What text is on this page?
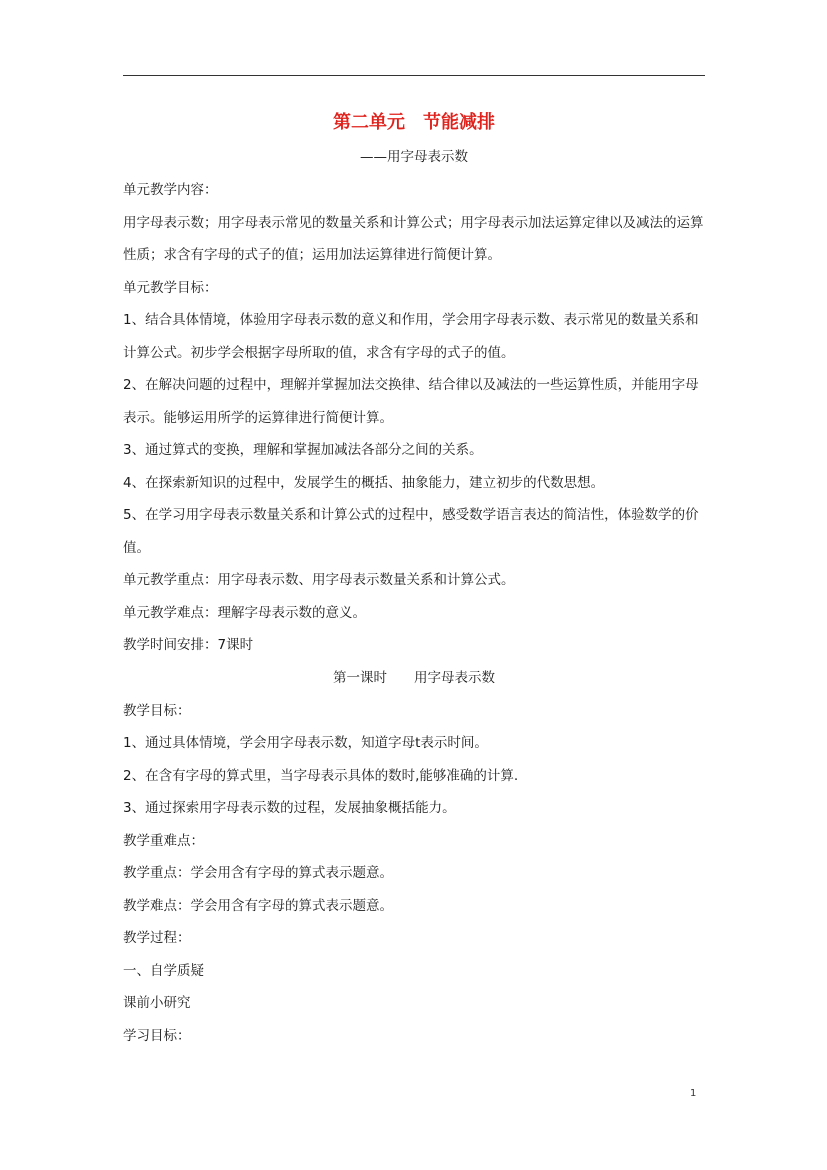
第二单元　节能减排
——用字母表示数

单元教学内容：

用字母表示数；用字母表示常见的数量关系和计算公式；用字母表示加法运算定律以及减法的运算性质；求含有字母的式子的值；运用加法运算律进行简便计算。

单元教学目标：

1、结合具体情境，体验用字母表示数的意义和作用，学会用字母表示数、表示常见的数量关系和计算公式。初步学会根据字母所取的值，求含有字母的式子的值。

2、在解决问题的过程中，理解并掌握加法交换律、结合律以及减法的一些运算性质，并能用字母表示。能够运用所学的运算律进行简便计算。

3、通过算式的变换，理解和掌握加减法各部分之间的关系。

4、在探索新知识的过程中，发展学生的概括、抽象能力，建立初步的代数思想。

5、在学习用字母表示数量关系和计算公式的过程中，感受数学语言表达的简洁性，体验数学的价值。

单元教学重点：用字母表示数、用字母表示数量关系和计算公式。

单元教学难点：理解字母表示数的意义。

教学时间安排：7课时

第一课时　　用字母表示数

教学目标：

1、通过具体情境，学会用字母表示数，知道字母t表示时间。

2、在含有字母的算式里，当字母表示具体的数时,能够准确的计算.

3、通过探索用字母表示数的过程，发展抽象概括能力。

教学重难点：

教学重点：学会用含有字母的算式表示题意。

教学难点：学会用含有字母的算式表示题意。

教学过程：

一、自学质疑

课前小研究

学习目标：

1
